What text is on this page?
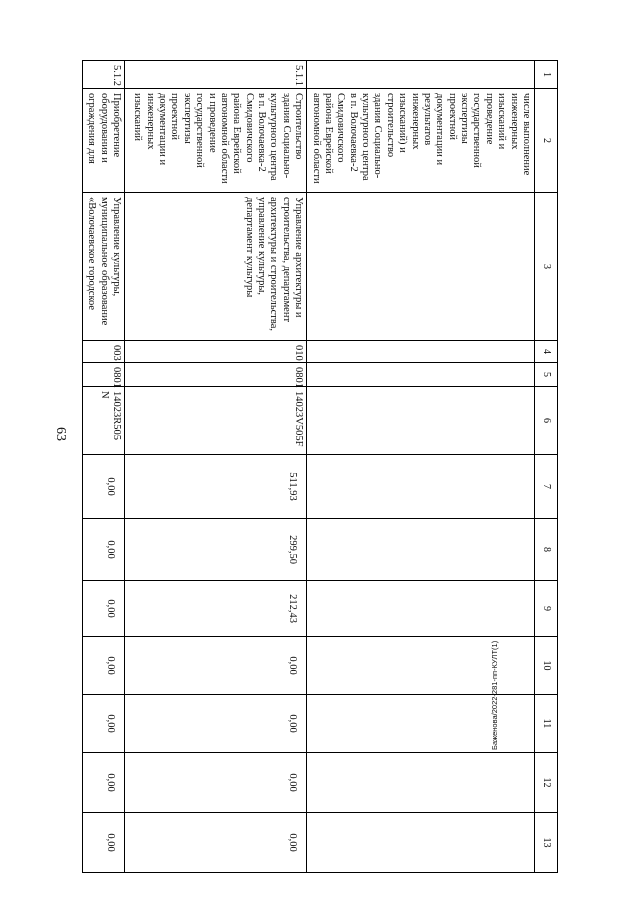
63
Баженова/2022-281-пп-КУЛТ(1)
1	2	3	4	5	6	7	8	9	10	11	12	13
	числе выполнение инженерных изысканий и проведение государственной экспертизы проектной документации и результатов инженерных изысканий) и строительство здания Социально-культурного центра в п. Волочаевка-2 Смидовичского района Еврейской автономной области											
5.1.1	Строительство здания Социально-культурного центра в п. Волочаевка-2 Смидовичского района Еврейской автономной области и проведение государственной экспертизы проектной документации и инженерных изысканий	Управление архитектуры и строительства, департамент архитектуры и строительства, управление культуры, департамент культуры	010	0801	14023V505F	511,93	299,50	212,43	0,00	0,00	0,00	0,00
5.1.2	Приобретение оборудования и ограждения для	Управление культуры, муниципальное образование «Волочаевское городское	003	0801	14023R505 N	0,00	0,00	0,00	0,00	0,00	0,00	0,00
